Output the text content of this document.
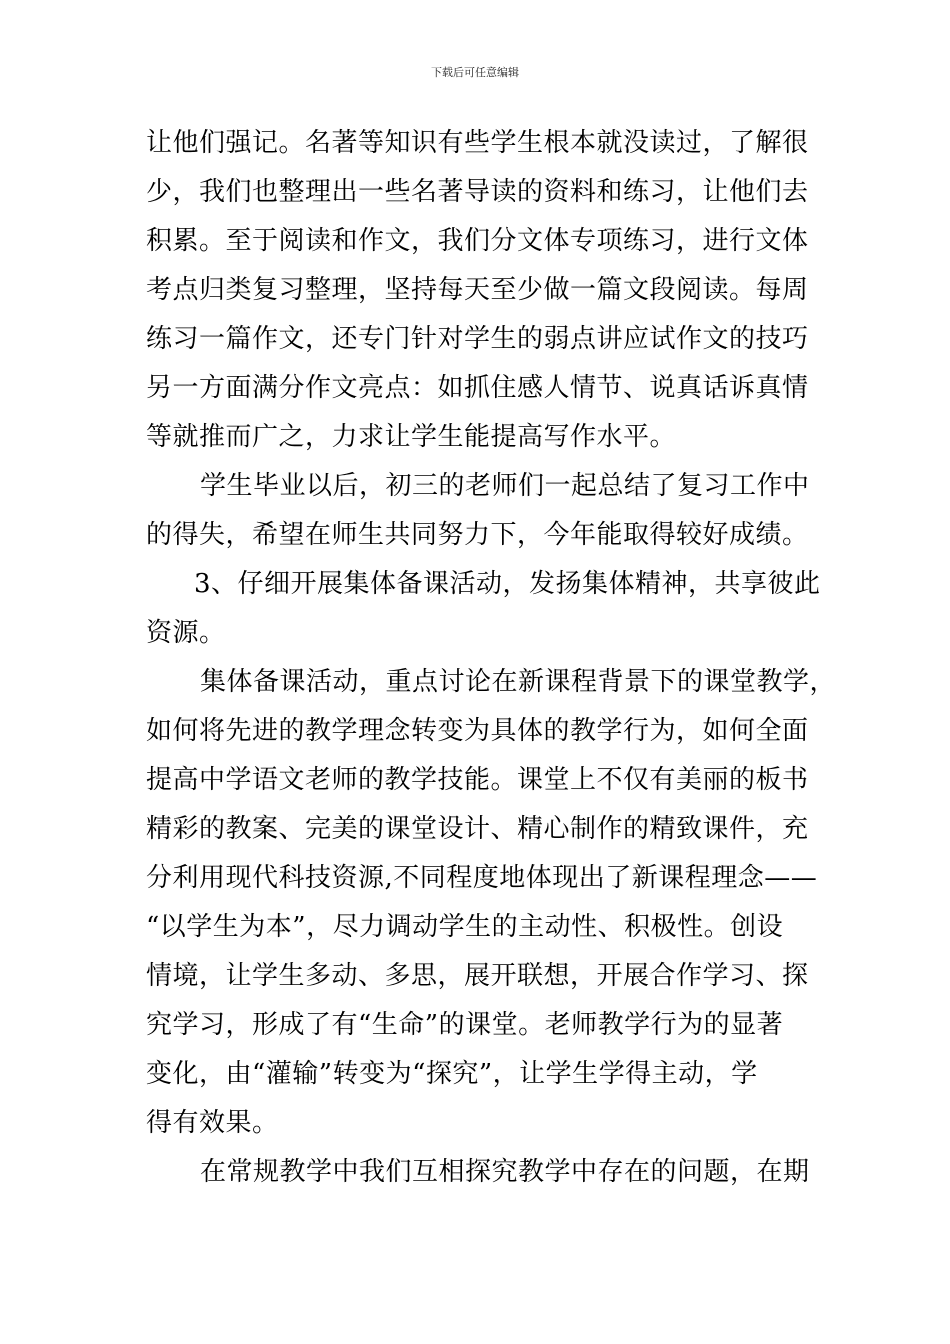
下载后可任意编辑
让他们强记。名著等知识有些学生根本就没读过，了解很
少，我们也整理出一些名著导读的资料和练习，让他们去
积累。至于阅读和作文，我们分文体专项练习，进行文体
考点归类复习整理，坚持每天至少做一篇文段阅读。每周
练习一篇作文，还专门针对学生的弱点讲应试作文的技巧
另一方面满分作文亮点：如抓住感人情节、说真话诉真情
等就推而广之，力求让学生能提高写作水平。
学生毕业以后，初三的老师们一起总结了复习工作中
的得失，希望在师生共同努力下，今年能取得较好成绩。
3、仔细开展集体备课活动，发扬集体精神，共享彼此
资源。
集体备课活动，重点讨论在新课程背景下的课堂教学，
如何将先进的教学理念转变为具体的教学行为，如何全面
提高中学语文老师的教学技能。课堂上不仅有美丽的板书
精彩的教案、完美的课堂设计、精心制作的精致课件，充
分利用现代科技资源,不同程度地体现出了新课程理念——
“以学生为本”，尽力调动学生的主动性、积极性。创设
情境，让学生多动、多思，展开联想，开展合作学习、探
究学习，形成了有“生命”的课堂。老师教学行为的显著
变化，由“灌输”转变为“探究”，让学生学得主动，学
得有效果。
在常规教学中我们互相探究教学中存在的问题，在期
